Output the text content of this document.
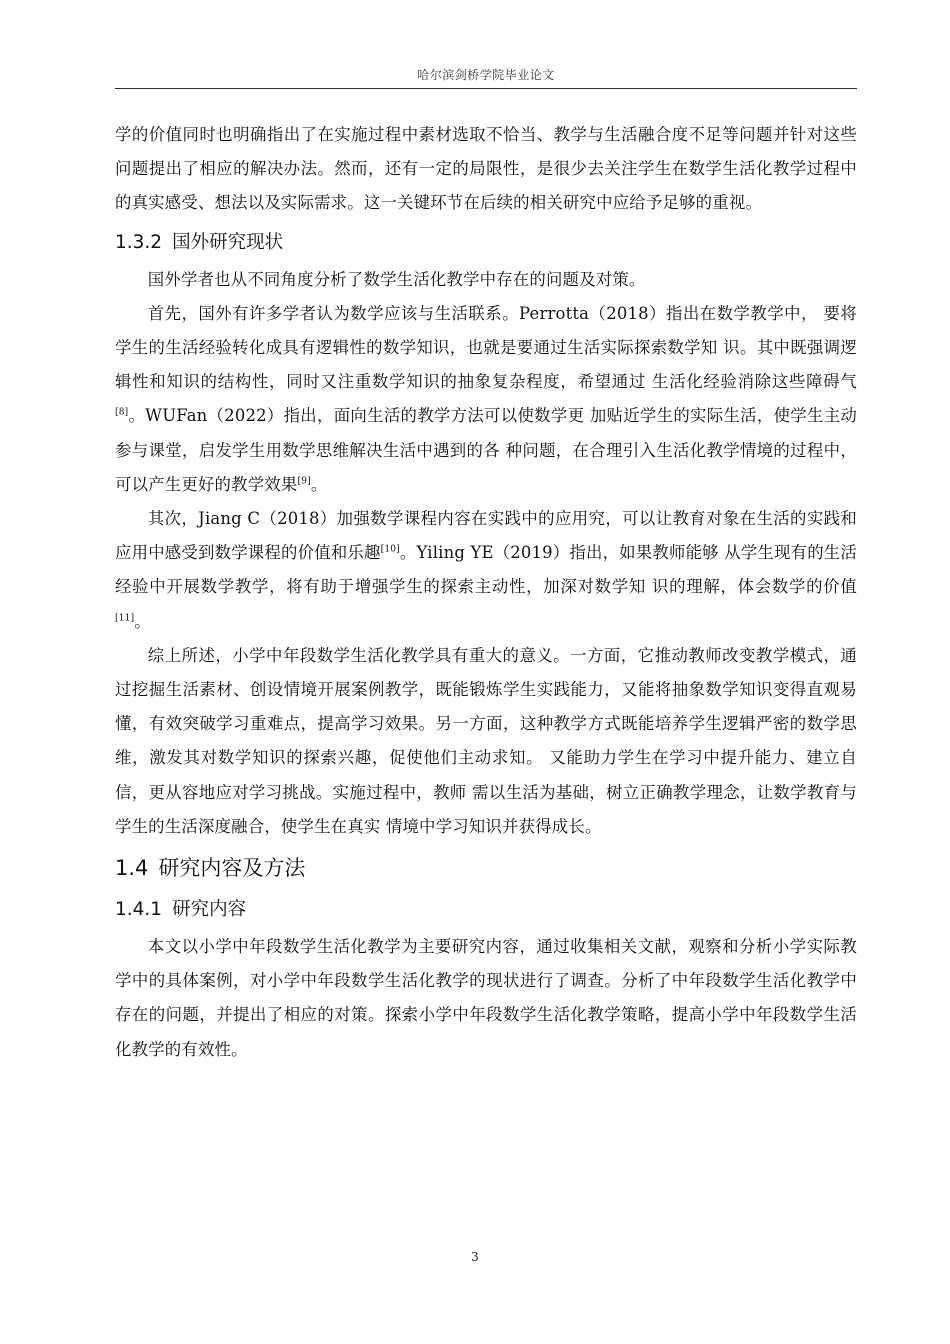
哈尔滨剑桥学院毕业论文

学的价值同时也明确指出了在实施过程中素材选取不恰当、教学与生活融合度不足等问题并针对这些问题提出了相应的解决办法。然而，还有一定的局限性，是很少去关注学生在数学生活化教学过程中的真实感受、想法以及实际需求。这一关键环节在后续的相关研究中应给予足够的重视。

1.3.2 国外研究现状

国外学者也从不同角度分析了数学生活化教学中存在的问题及对策。

首先，国外有许多学者认为数学应该与生活联系。Perrotta（2018）指出在数学教学中， 要将学生的生活经验转化成具有逻辑性的数学知识，也就是要通过生活实际探索数学知 识。其中既强调逻辑性和知识的结构性，同时又注重数学知识的抽象复杂程度，希望通过 生活化经验消除这些障碍气[8]。WUFan（2022）指出，面向生活的教学方法可以使数学更 加贴近学生的实际生活，使学生主动参与课堂，启发学生用数学思维解决生活中遇到的各 种问题，在合理引入生活化教学情境的过程中，可以产生更好的教学效果[9]。

其次，Jiang C（2018）加强数学课程内容在实践中的应用究，可以让教育对象在生活的实践和应用中感受到数学课程的价值和乐趣[10]。Yiling YE（2019）指出，如果教师能够 从学生现有的生活经验中开展数学教学，将有助于增强学生的探索主动性，加深对数学知 识的理解，体会数学的价值[11]。

综上所述，小学中年段数学生活化教学具有重大的意义。一方面，它推动教师改变教学模式，通过挖掘生活素材、创设情境开展案例教学，既能锻炼学生实践能力，又能将抽象数学知识变得直观易懂，有效突破学习重难点，提高学习效果。另一方面，这种教学方式既能培养学生逻辑严密的数学思维，激发其对数学知识的探索兴趣，促使他们主动求知。 又能助力学生在学习中提升能力、建立自信，更从容地应对学习挑战。实施过程中，教师 需以生活为基础，树立正确教学理念，让数学教育与学生的生活深度融合，使学生在真实 情境中学习知识并获得成长。

1.4 研究内容及方法
1.4.1 研究内容

本文以小学中年段数学生活化教学为主要研究内容，通过收集相关文献，观察和分析小学实际教学中的具体案例，对小学中年段数学生活化教学的现状进行了调查。分析了中年段数学生活化教学中存在的问题，并提出了相应的对策。探索小学中年段数学生活化教学策略，提高小学中年段数学生活化教学的有效性。

3
